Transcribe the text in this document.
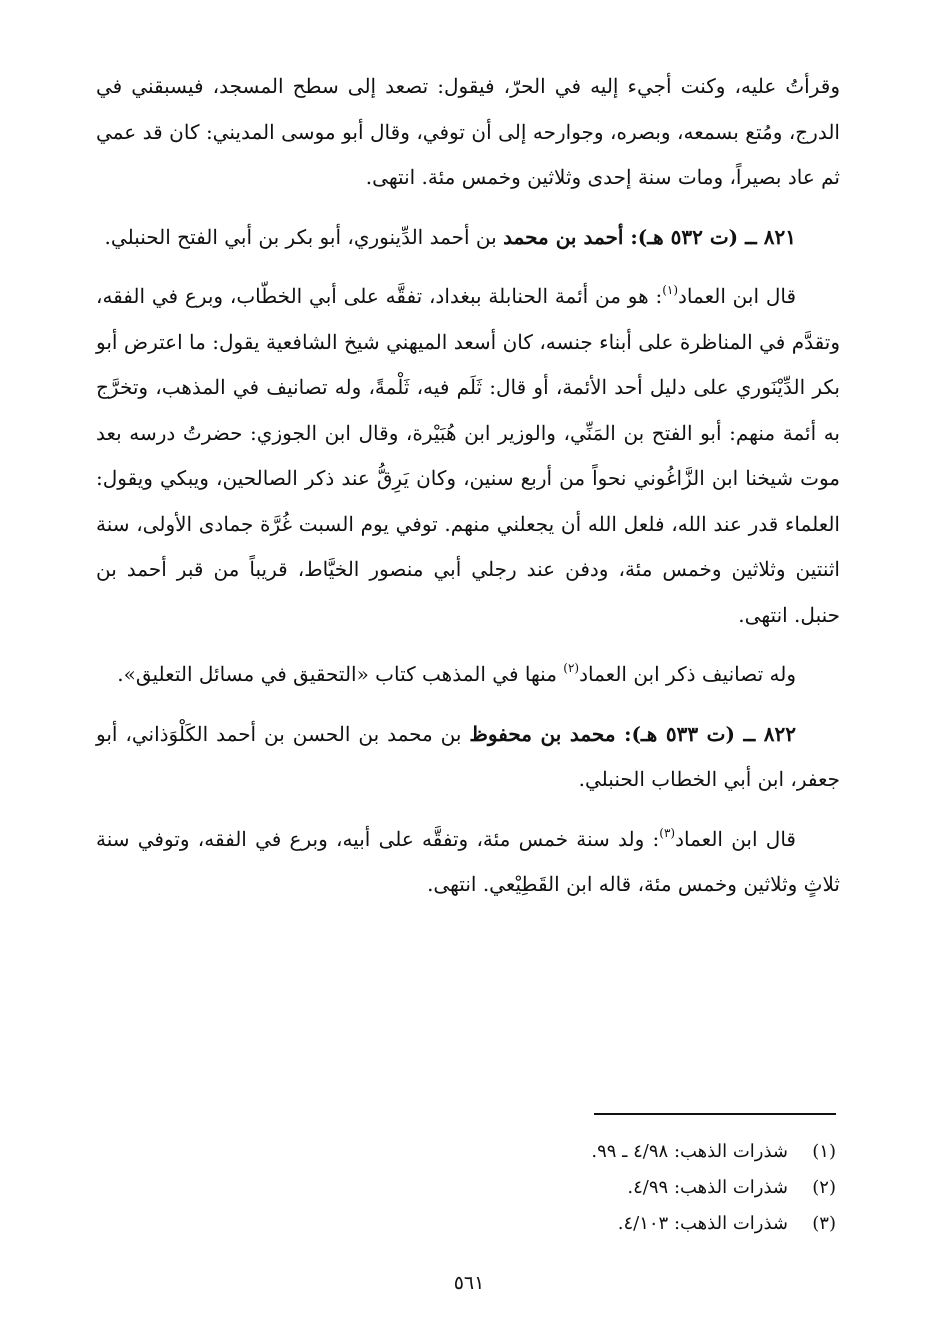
وقرأتُ عليه، وكنت أجيء إليه في الحرّ، فيقول: تصعد إلى سطح المسجد، فيسبقني في الدرج، ومُتع بسمعه، وبصره، وجوارحه إلى أن توفي، وقال أبو موسى المديني: كان قد عمي ثم عاد بصيراً، ومات سنة إحدى وثلاثين وخمس مئة. انتهى.

٨٢١ ــ (ت ٥٣٢ هـ): أحمد بن محمد بن أحمد الدِّينوري، أبو بكر بن أبي الفتح الحنبلي.

قال ابن العماد$^{(١)}$: هو من أئمة الحنابلة ببغداد، تفقَّه على أبي الخطّاب، وبرع في الفقه، وتقدَّم في المناظرة على أبناء جنسه، كان أسعد الميهني شيخ الشافعية يقول: ما اعترض أبو بكر الدِّيْنَوري على دليل أحد الأئمة، أو قال: ثَلَم فيه، ثَلْمةً، وله تصانيف في المذهب، وتخرَّج به أئمة منهم: أبو الفتح بن المَنِّي، والوزير ابن هُبَيْرة، وقال ابن الجوزي: حضرتُ درسه بعد موت شيخنا ابن الزَّاغُوني نحواً من أربع سنين، وكان يَرِقُّ عند ذكر الصالحين، ويبكي ويقول: العلماء قدر عند الله، فلعل الله أن يجعلني منهم. توفي يوم السبت غُرَّة جمادى الأولى، سنة اثنتين وثلاثين وخمس مئة، ودفن عند رجلي أبي منصور الخيَّاط، قريباً من قبر أحمد بن حنبل. انتهى.

وله تصانيف ذكر ابن العماد$^{(٢)}$ منها في المذهب كتاب «التحقيق في مسائل التعليق».

٨٢٢ ــ (ت ٥٣٣ هـ): محمد بن محفوظ بن محمد بن الحسن بن أحمد الكَلْوَذاني، أبو جعفر، ابن أبي الخطاب الحنبلي.

قال ابن العماد$^{(٣)}$: ولد سنة خمس مئة، وتفقَّه على أبيه، وبرع في الفقه، وتوفي سنة ثلاثٍ وثلاثين وخمس مئة، قاله ابن القَطِيْعي. انتهى.

(١)شذرات الذهب: ٤/٩٨ ـ ٩٩.

(٢)شذرات الذهب: ٤/٩٩.

(٣)شذرات الذهب: ٤/١٠٣.

٥٦١
